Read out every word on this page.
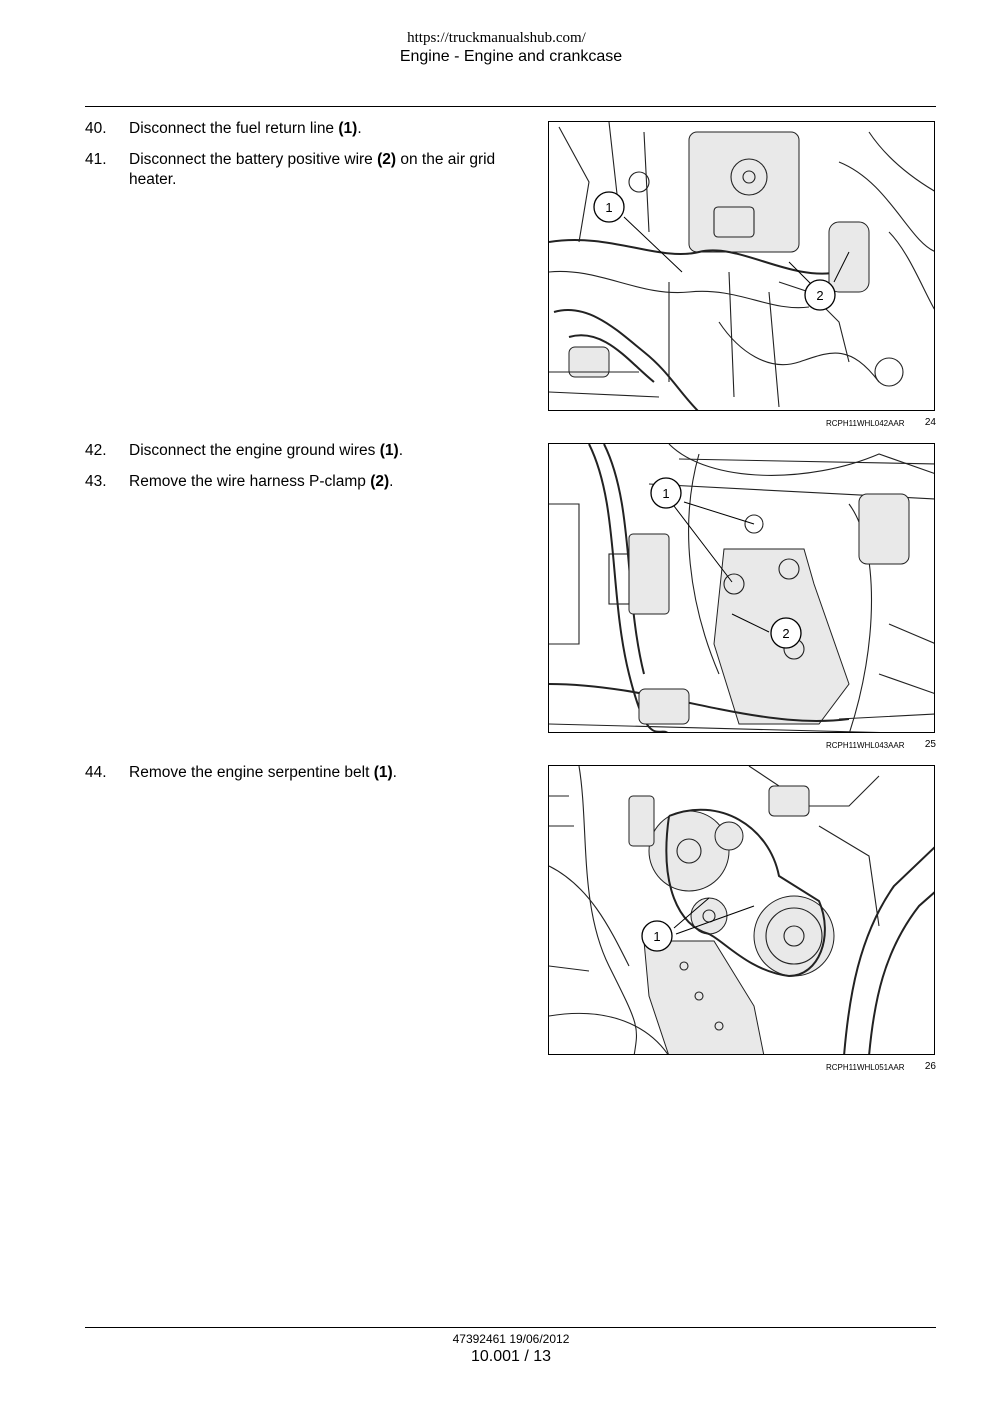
https://truckmanualshub.com/
Engine - Engine and crankcase
40. Disconnect the fuel return line (1).
41. Disconnect the battery positive wire (2) on the air grid heater.
1
2
RCPH11WHL042AAR	24
42. Disconnect the engine ground wires (1).
43. Remove the wire harness P-clamp (2).
1
2
RCPH11WHL043AAR	25
44. Remove the engine serpentine belt (1).
1
RCPH11WHL051AAR	26
47392461 19/06/2012
10.001 / 13
